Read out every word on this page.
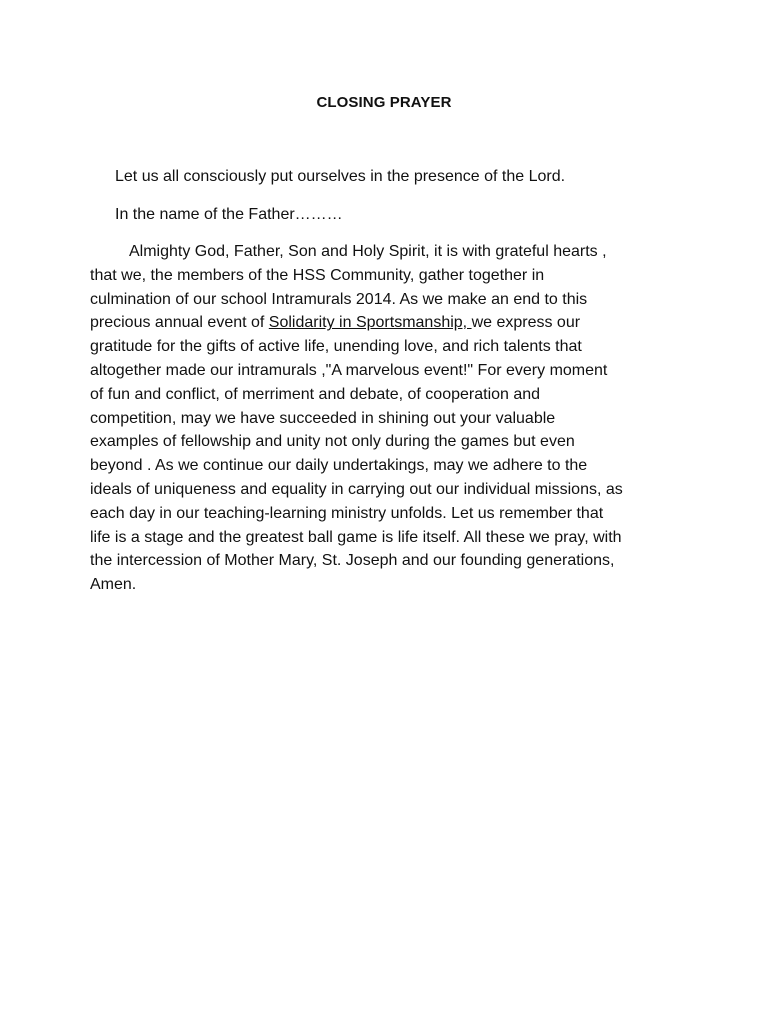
CLOSING PRAYER
Let us all consciously put ourselves in the presence of the Lord.
In the name of the Father………
Almighty God, Father, Son and Holy Spirit, it is with grateful hearts ,
that we, the members of the HSS Community, gather together in
culmination of our school Intramurals 2014. As we make an end to this
precious annual event of Solidarity in Sportsmanship, we express our
gratitude for the gifts of active life, unending love, and rich talents that
altogether made our intramurals ,"A marvelous event!" For every moment
of fun and conflict, of merriment and debate, of cooperation and
competition, may we have succeeded in shining out your valuable
examples of fellowship and unity not only during the games but even
beyond . As we continue our daily undertakings, may we adhere to the
ideals of uniqueness and equality in carrying out our individual missions, as
each day in our teaching-learning ministry unfolds. Let us remember that
life is a stage and the greatest ball game is life itself. All these we pray, with
the intercession of Mother Mary, St. Joseph and our founding generations,
Amen.
